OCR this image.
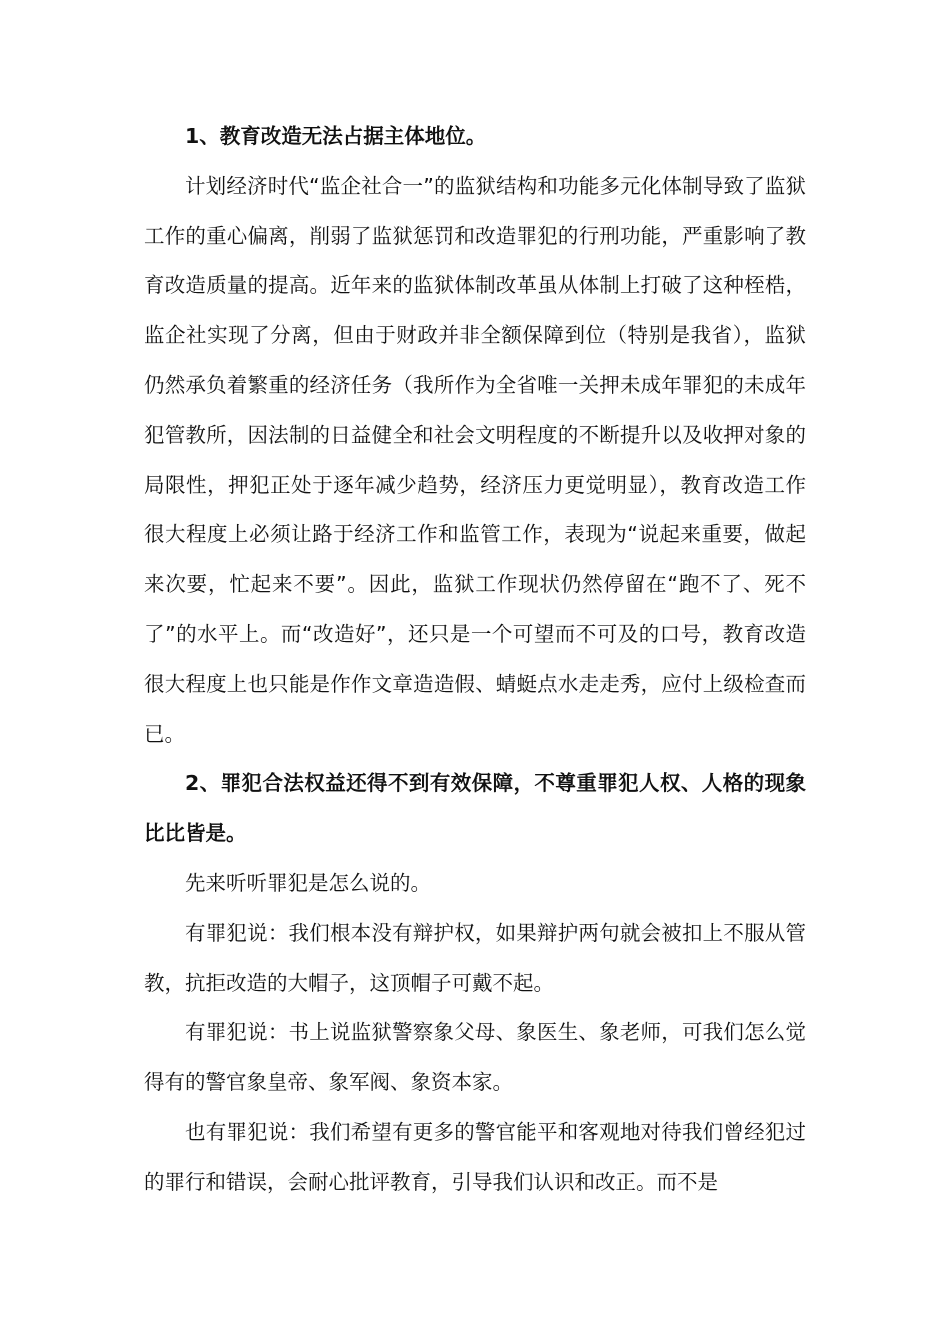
1、教育改造无法占据主体地位。

计划经济时代“监企社合一”的监狱结构和功能多元化体制导致了监狱工作的重心偏离，削弱了监狱惩罚和改造罪犯的行刑功能，严重影响了教育改造质量的提高。近年来的监狱体制改革虽从体制上打破了这种桎梏，监企社实现了分离，但由于财政并非全额保障到位（特别是我省），监狱仍然承负着繁重的经济任务（我所作为全省唯一关押未成年罪犯的未成年犯管教所，因法制的日益健全和社会文明程度的不断提升以及收押对象的局限性，押犯正处于逐年减少趋势，经济压力更觉明显），教育改造工作很大程度上必须让路于经济工作和监管工作，表现为“说起来重要，做起来次要，忙起来不要”。因此，监狱工作现状仍然停留在“跑不了、死不了”的水平上。而“改造好”，还只是一个可望而不可及的口号，教育改造很大程度上也只能是作作文章造造假、蜻蜓点水走走秀，应付上级检查而已。

2、罪犯合法权益还得不到有效保障，不尊重罪犯人权、人格的现象比比皆是。

先来听听罪犯是怎么说的。

有罪犯说：我们根本没有辩护权，如果辩护两句就会被扣上不服从管教，抗拒改造的大帽子，这顶帽子可戴不起。

有罪犯说：书上说监狱警察象父母、象医生、象老师，可我们怎么觉得有的警官象皇帝、象军阀、象资本家。

也有罪犯说：我们希望有更多的警官能平和客观地对待我们曾经犯过的罪行和错误，会耐心批评教育，引导我们认识和改正。而不是
